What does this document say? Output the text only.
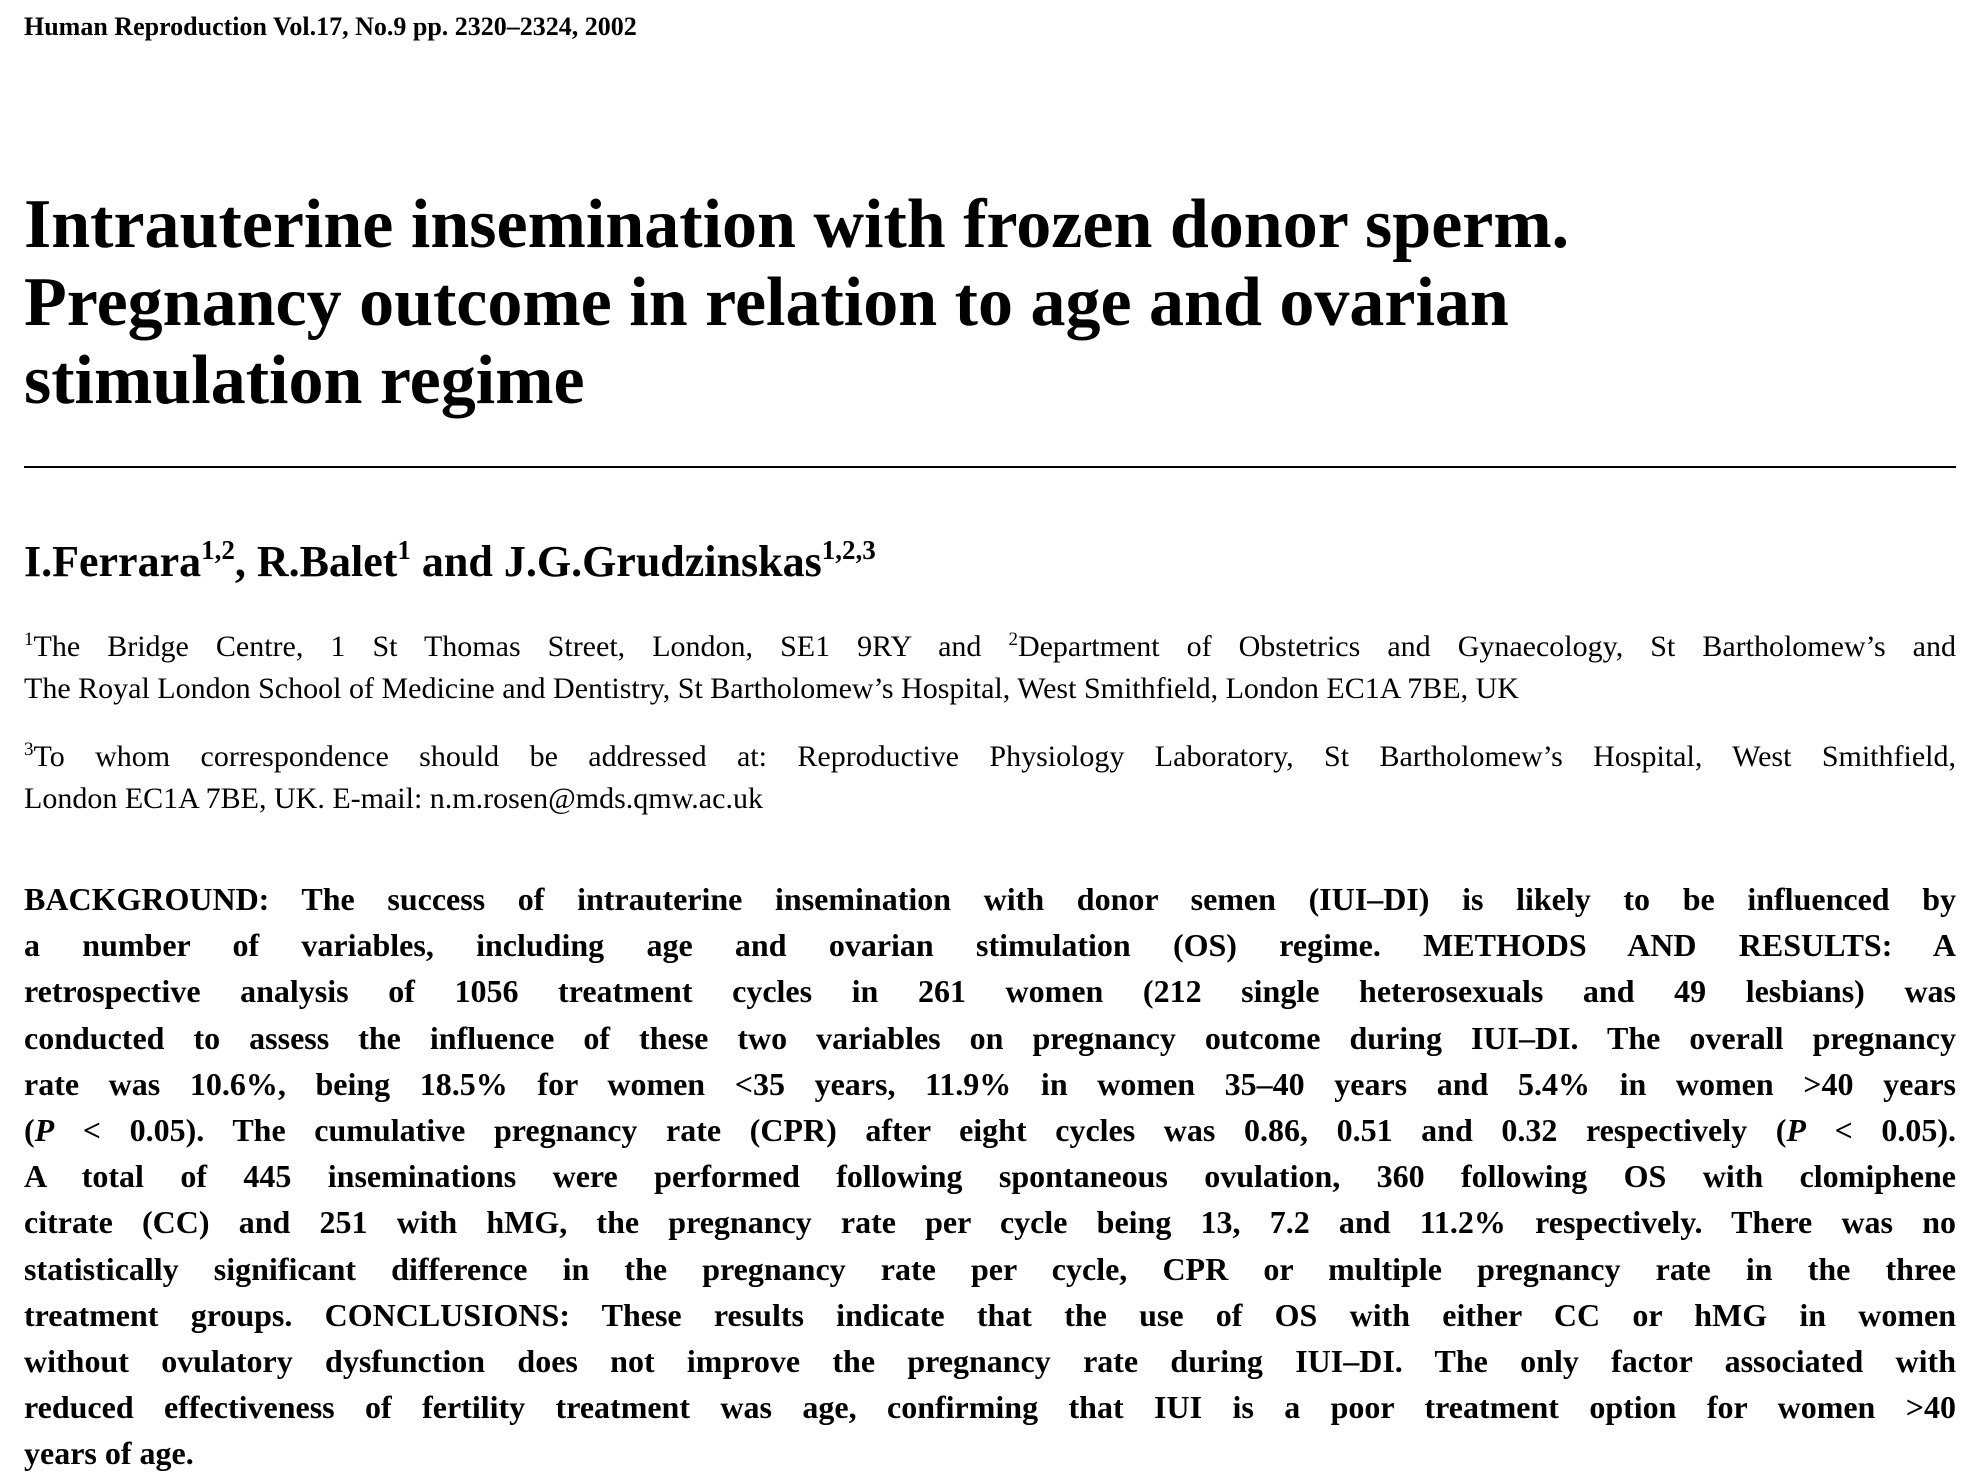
Human Reproduction Vol.17, No.9 pp. 2320–2324, 2002
Intrauterine insemination with frozen donor sperm.
Pregnancy outcome in relation to age and ovarian
stimulation regime
I.Ferrara$^{1,2}$, R.Balet$^1$ and J.G.Grudzinskas$^{1,2,3}$
$^1$The Bridge Centre, 1 St Thomas Street, London, SE1 9RY and $^2$Department of Obstetrics and Gynaecology, St Bartholomew’s and
The Royal London School of Medicine and Dentistry, St Bartholomew’s Hospital, West Smithfield, London EC1A 7BE, UK
$^3$To whom correspondence should be addressed at: Reproductive Physiology Laboratory, St Bartholomew’s Hospital, West Smithfield,
London EC1A 7BE, UK. E-mail: n.m.rosen@mds.qmw.ac.uk
BACKGROUND: The success of intrauterine insemination with donor semen (IUI–DI) is likely to be influenced by
a number of variables, including age and ovarian stimulation (OS) regime. METHODS AND RESULTS: A
retrospective analysis of 1056 treatment cycles in 261 women (212 single heterosexuals and 49 lesbians) was
conducted to assess the influence of these two variables on pregnancy outcome during IUI–DI. The overall pregnancy
rate was 10.6%, being 18.5% for women <35 years, 11.9% in women 35–40 years and 5.4% in women >40 years
(P < 0.05). The cumulative pregnancy rate (CPR) after eight cycles was 0.86, 0.51 and 0.32 respectively (P < 0.05).
A total of 445 inseminations were performed following spontaneous ovulation, 360 following OS with clomiphene
citrate (CC) and 251 with hMG, the pregnancy rate per cycle being 13, 7.2 and 11.2% respectively. There was no
statistically significant difference in the pregnancy rate per cycle, CPR or multiple pregnancy rate in the three
treatment groups. CONCLUSIONS: These results indicate that the use of OS with either CC or hMG in women
without ovulatory dysfunction does not improve the pregnancy rate during IUI–DI. The only factor associated with
reduced effectiveness of fertility treatment was age, confirming that IUI is a poor treatment option for women >40
years of age.
